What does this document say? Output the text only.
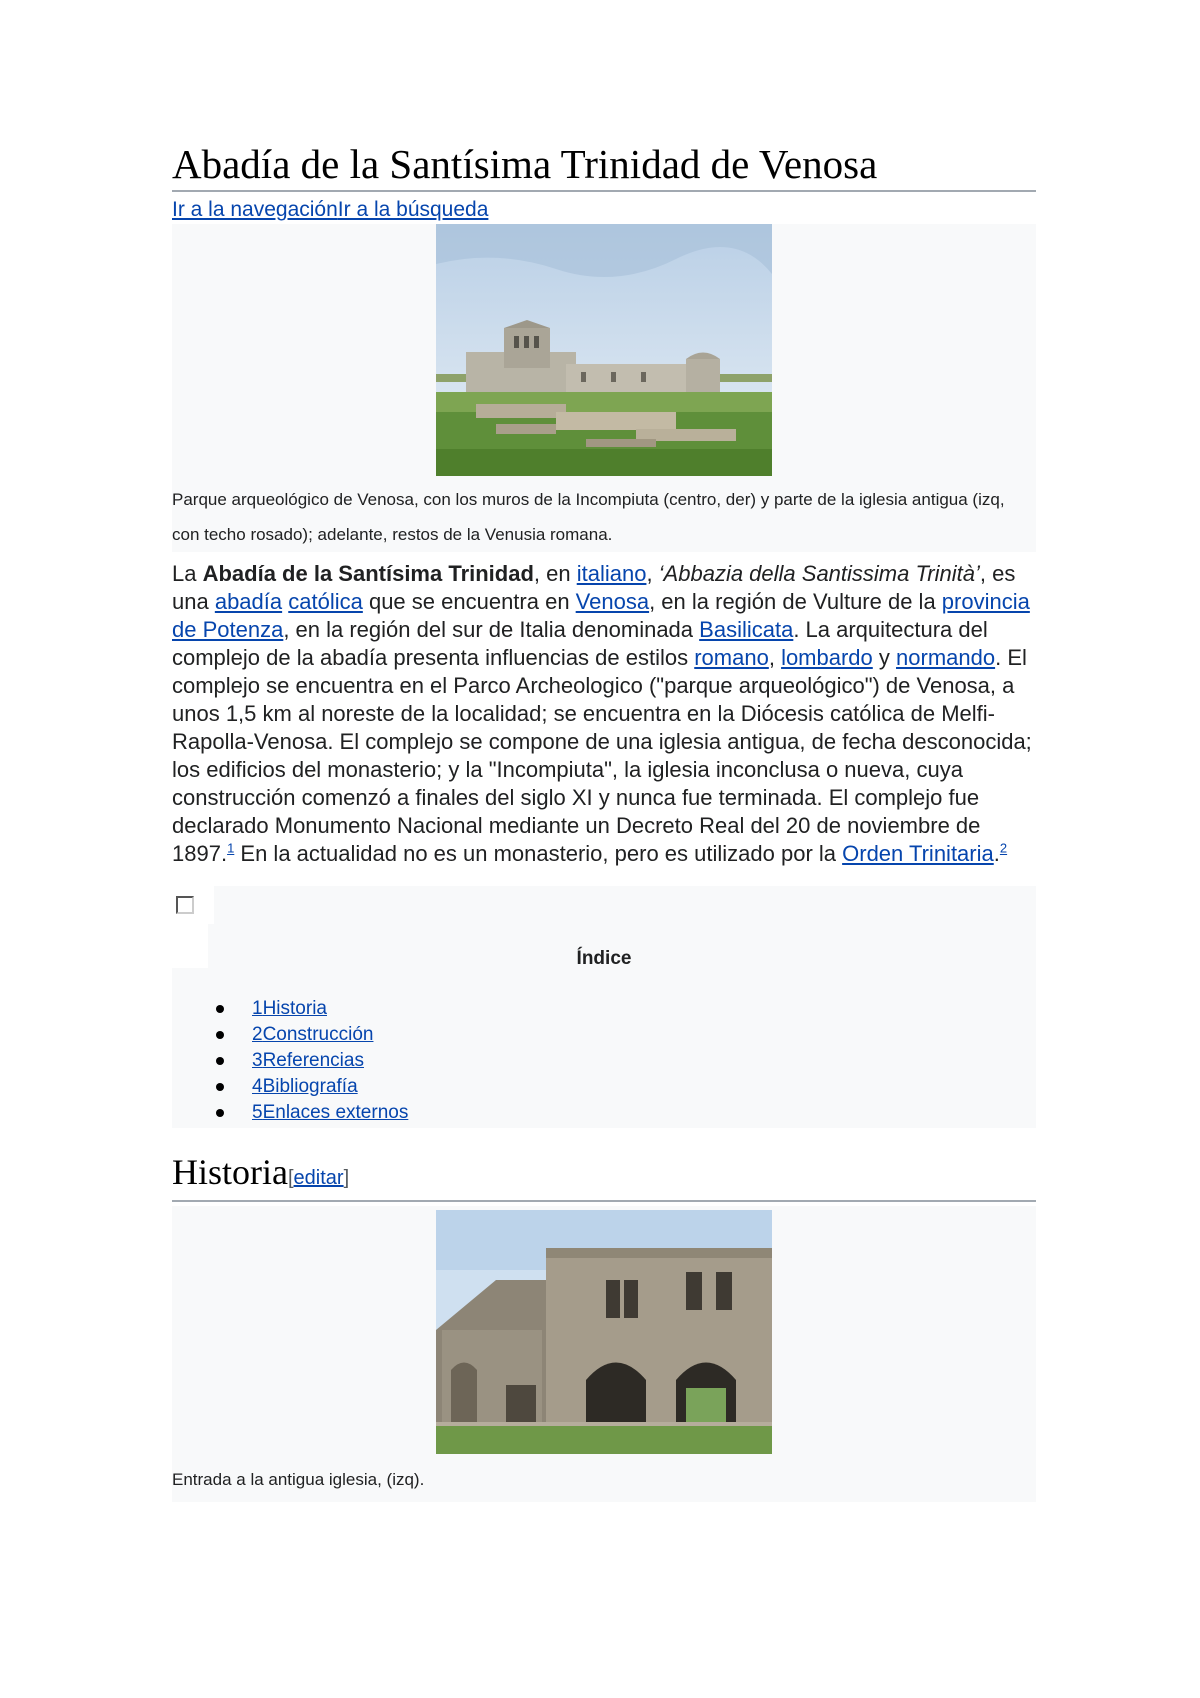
Abadía de la Santísima Trinidad de Venosa
Ir a la navegaciónIr a la búsqueda
Parque arqueológico de Venosa, con los muros de la Incompiuta (centro, der) y parte de la iglesia antigua (izq, con techo rosado); adelante, restos de la Venusia romana.

La Abadía de la Santísima Trinidad, en italiano, ‘Abbazia della Santissima Trinità’, es una abadía católica que se encuentra en Venosa, en la región de Vulture de la provincia de Potenza, en la región del sur de Italia denominada Basilicata. La arquitectura del complejo de la abadía presenta influencias de estilos romano, lombardo y normando. El complejo se encuentra en el Parco Archeologico ("parque arqueológico") de Venosa, a unos 1,5 km al noreste de la localidad; se encuentra en la Diócesis católica de Melfi-Rapolla-Venosa. El complejo se compone de una iglesia antigua, de fecha desconocida; los edificios del monasterio; y la "Incompiuta", la iglesia inconclusa o nueva, cuya construcción comenzó a finales del siglo XI y nunca fue terminada. El complejo fue declarado Monumento Nacional mediante un Decreto Real del 20 de noviembre de 1897.$^1$ En la actualidad no es un monasterio, pero es utilizado por la Orden Trinitaria.$^2$

Índice
1Historia
2Construcción
3Referencias
4Bibliografía
5Enlaces externos
Historia[editar]
Entrada a la antigua iglesia, (izq).
